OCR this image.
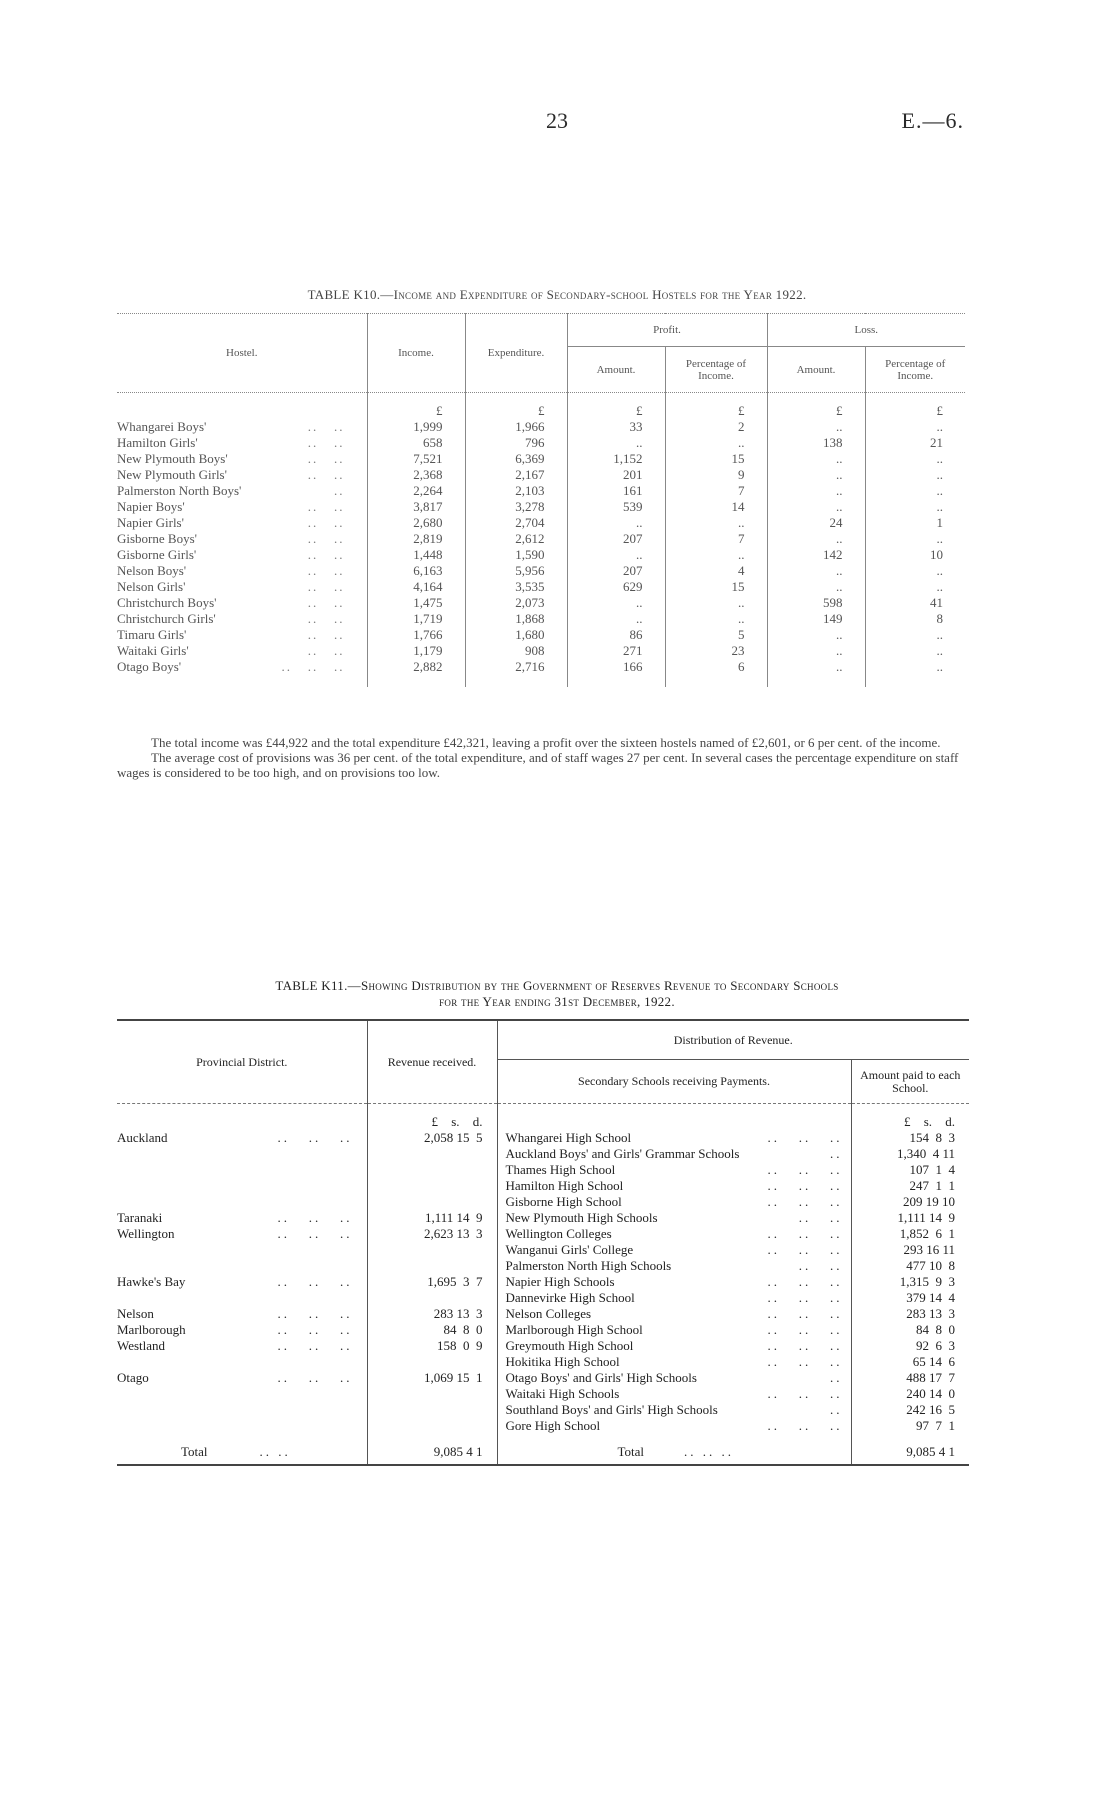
23	E.—6.
TABLE K10.—Income and Expenditure of Secondary-school Hostels for the Year 1922.
Hostel.	Income.	Expenditure.	Profit.		Loss.	
			Amount.	Percentage of Income.	Amount.	Percentage of Income.

	£	£	£	£	£	£
Whangarei Boys' ..   ..	1,999	1,966	33	2	..	..
Hamilton Girls' ..   ..	658	796	..	..	138	21
New Plymouth Boys' ..   ..	7,521	6,369	1,152	15	..	..
New Plymouth Girls' ..   ..	2,368	2,167	201	9	..	..
Palmerston North Boys' ..	2,264	2,103	161	7	..	..
Napier Boys' ..   ..	3,817	3,278	539	14	..	..
Napier Girls' ..   ..	2,680	2,704	..	..	24	1
Gisborne Boys' ..   ..	2,819	2,612	207	7	..	..
Gisborne Girls' ..   ..	1,448	1,590	..	..	142	10
Nelson Boys' ..   ..	6,163	5,956	207	4	..	..
Nelson Girls' ..   ..	4,164	3,535	629	15	..	..
Christchurch Boys' ..   ..	1,475	2,073	..	..	598	41
Christchurch Girls' ..   ..	1,719	1,868	..	..	149	8
Timaru Girls' ..   ..	1,766	1,680	86	5	..	..
Waitaki Girls' ..   ..	1,179	908	271	23	..	..
Otago Boys' ..   ..   ..	2,882	2,716	166	6	..	..

The total income was £44,922 and the total expenditure £42,321, leaving a profit over the sixteen hostels named of £2,601, or 6 per cent. of the income.

The average cost of provisions was 36 per cent. of the total expenditure, and of staff wages 27 per cent. In several cases the percentage expenditure on staff wages is considered to be too high, and on provisions too low.

TABLE K11.—Showing Distribution by the Government of Reserves Revenue to Secondary Schools
for the Year ending 31st December, 1922.
Provincial District.	Revenue received.	Distribution of Revenue.	
		Secondary Schools receiving Payments.	Amount paid to each School.

	£ s. d.		£ s. d.
Auckland ..   ..   ..	2,058 15  5	Whangarei High School ..   ..   ..	154  8  3

		Auckland Boys' and Girls' Grammar Schools ..	1,340  4 11

		Thames High School ..   ..   ..	107  1  4

		Hamilton High School ..   ..   ..	247  1  1

		Gisborne High School ..   ..   ..	209 19 10
Taranaki ..   ..   ..	1,111 14  9	New Plymouth High Schools ..   ..	1,111 14  9
Wellington ..   ..   ..	2,623 13  3	Wellington Colleges ..   ..   ..	1,852  6  1

		Wanganui Girls' College ..   ..   ..	293 16 11

		Palmerston North High Schools ..   ..	477 10  8
Hawke's Bay ..   ..   ..	1,695  3  7	Napier High Schools ..   ..   ..	1,315  9  3

		Dannevirke High School ..   ..   ..	379 14  4
Nelson ..   ..   ..	283 13  3	Nelson Colleges ..   ..   ..	283 13  3
Marlborough ..   ..   ..	84  8  0	Marlborough High School ..   ..   ..	84  8  0
Westland ..   ..   ..	158  0  9	Greymouth High School ..   ..   ..	92  6  3

		Hokitika High School ..   ..   ..	65 14  6
Otago ..   ..   ..	1,069 15  1	Otago Boys' and Girls' High Schools ..	488 17  7

		Waitaki High Schools ..   ..   ..	240 14  0

		Southland Boys' and Girls' High Schools ..	242 16  5

		Gore High School ..   ..   ..	97  7  1
Total .. ..	9,085 4 1	Total .. .. ..	9,085 4 1
